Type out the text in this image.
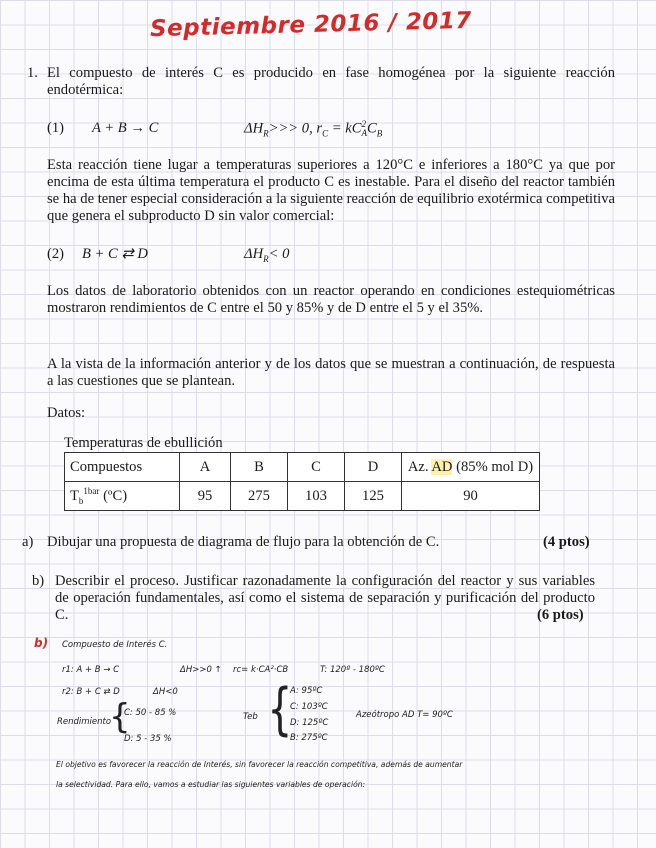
Septiembre 2016 / 2017
1. El compuesto de interés C es producido en fase homogénea por la siguiente reacción endotérmica:
(1) A + B → C	$\Delta H_R>>> 0$, $r_C$ = kC 2
A $C_B$
Esta reacción tiene lugar a temperaturas superiores a 120°C e inferiores a 180°C ya que por encima de esta última temperatura el producto C es inestable. Para el diseño del reactor también se ha de tener especial consideración a la siguiente reacción de equilibrio exotérmica competitiva que genera el subproducto D sin valor comercial:
(2) B + C ⇄ D	$\Delta H_R< 0$
Los datos de laboratorio obtenidos con un reactor operando en condiciones estequiométricas mostraron rendimientos de C entre el 50 y 85% y de D entre el 5 y el 35%.
A la vista de la información anterior y de los datos que se muestran a continuación, de respuesta a las cuestiones que se plantean.
Datos:
Temperaturas de ebullición
Compuestos	A	B	C	D	Az. AD (85% mol D)
$T_b^{1bar}$ (ºC)	95	275	103	125	90
a) Dibujar una propuesta de diagrama de flujo para la obtención de C.	(4 ptos)
b) Describir el proceso. Justificar razonadamente la configuración del reactor y sus variables de operación fundamentales, así como el sistema de separación y purificación del producto C.	(6 ptos)
b) Compuesto de Interés C.
r1: A + B → C	ΔH>>0 ↑ rc= k·CA²·CB	T: 120º - 180ºC
r2: B + C ⇄ D	ΔH<0
Rendimiento
{
C: 50 - 85 %
D: 5 - 35 %
Teb {
A: 95ºC
C: 103ºC
D: 125ºC
B: 275ºC
Azeótropo AD T= 90ºC
El objetivo es favorecer la reacción de Interés, sin favorecer la reacción competitiva, además de aumentar
la selectividad. Para ello, vamos a estudiar las siguientes variables de operación:
